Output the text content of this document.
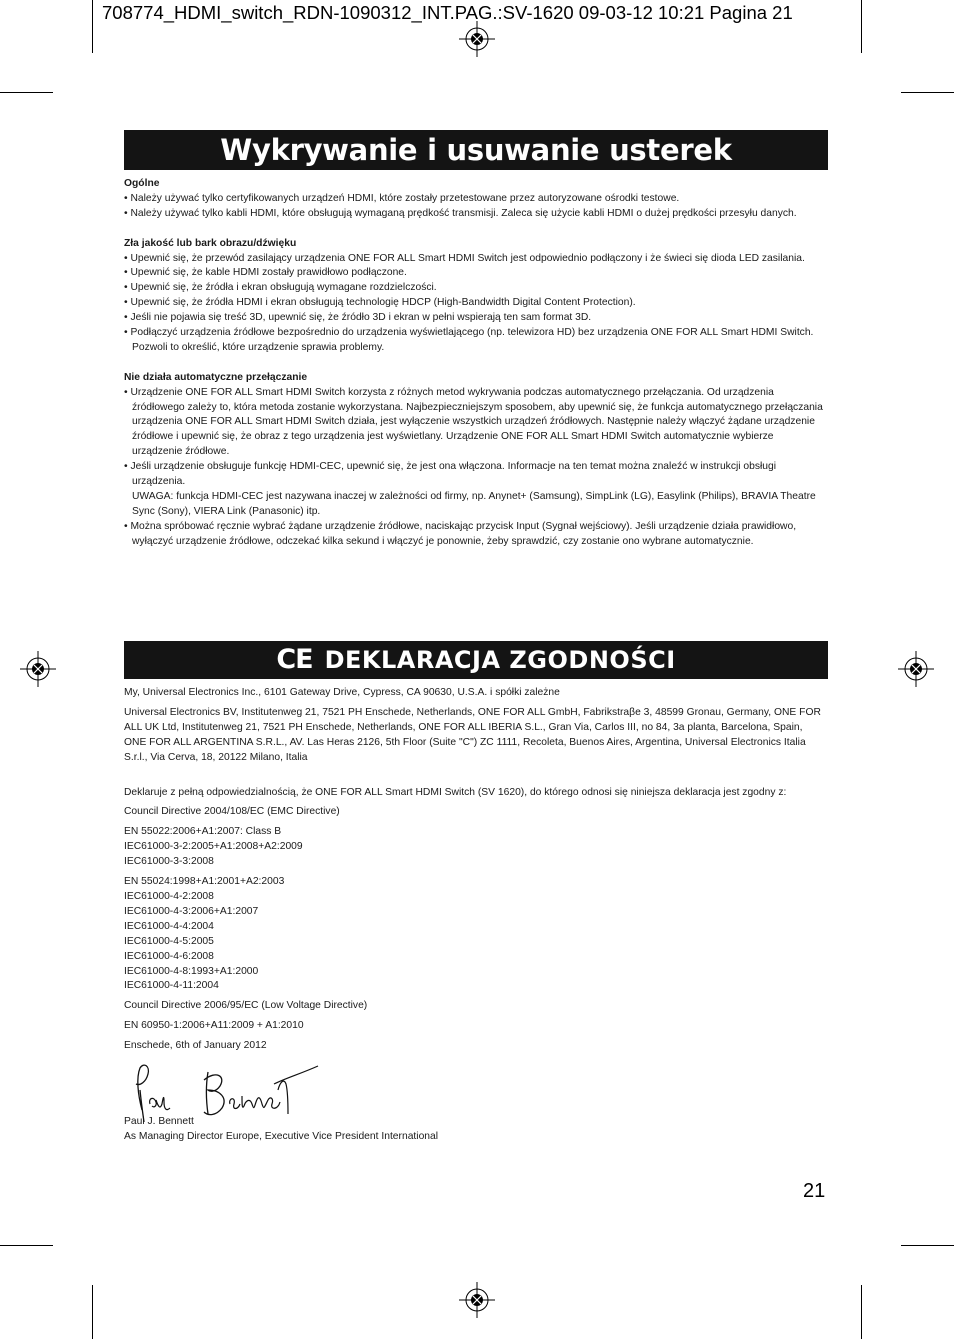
708774_HDMI_switch_RDN-1090312_INT.PAG.:SV-1620 09-03-12 10:21 Pagina 21
Wykrywanie i usuwanie usterek
Ogólne
• Należy używać tylko certyfikowanych urządzeń HDMI, które zostały przetestowane przez autoryzowane ośrodki testowe.
• Należy używać tylko kabli HDMI, które obsługują wymaganą prędkość transmisji. Zaleca się użycie kabli HDMI o dużej prędkości przesyłu danych.
Zła jakość lub bark obrazu/dźwięku
• Upewnić się, że przewód zasilający urządzenia ONE FOR ALL Smart HDMI Switch jest odpowiednio podłączony i że świeci się dioda LED zasilania.
• Upewnić się, że kable HDMI zostały prawidłowo podłączone.
• Upewnić się, że źródła i ekran obsługują wymagane rozdzielczości.
• Upewnić się, że źródła HDMI i ekran obsługują technologię HDCP (High-Bandwidth Digital Content Protection).
• Jeśli nie pojawia się treść 3D, upewnić się, że źródło 3D i ekran w pełni wspierają ten sam format 3D.
• Podłączyć urządzenia źródłowe bezpośrednio do urządzenia wyświetlającego (np. telewizora HD) bez urządzenia ONE FOR ALL Smart HDMI Switch. Pozwoli to określić, które urządzenie sprawia problemy.
Nie działa automatyczne przełączanie
• Urządzenie ONE FOR ALL Smart HDMI Switch korzysta z różnych metod wykrywania podczas automatycznego przełączania. Od urządzenia źródłowego zależy to, która metoda zostanie wykorzystana. Najbezpieczniejszym sposobem, aby upewnić się, że funkcja automatycznego przełączania urządzenia ONE FOR ALL Smart HDMI Switch działa, jest wyłączenie wszystkich urządzeń źródłowych. Następnie należy włączyć żądane urządzenie źródłowe i upewnić się, że obraz z tego urządzenia jest wyświetlany. Urządzenie ONE FOR ALL Smart HDMI Switch automatycznie wybierze urządzenie źródłowe.
• Jeśli urządzenie obsługuje funkcję HDMI-CEC, upewnić się, że jest ona włączona. Informacje na ten temat można znaleźć w instrukcji obsługi urządzenia.
UWAGA: funkcja HDMI-CEC jest nazywana inaczej w zależności od firmy, np. Anynet+ (Samsung), SimpLink (LG), Easylink (Philips), BRAVIA Theatre Sync (Sony), VIERA Link (Panasonic) itp.
• Można spróbować ręcznie wybrać żądane urządzenie źródłowe, naciskając przycisk Input (Sygnał wejściowy). Jeśli urządzenie działa prawidłowo, wyłączyć urządzenie źródłowe, odczekać kilka sekund i włączyć je ponownie, żeby sprawdzić, czy zostanie ono wybrane automatycznie.
CE DEKLARACJA ZGODNOŚCI

My, Universal Electronics Inc., 6101 Gateway Drive, Cypress, CA 90630, U.S.A. i spółki zależne

Universal Electronics BV, Institutenweg 21, 7521 PH Enschede, Netherlands, ONE FOR ALL GmbH, Fabrikstraβe 3, 48599 Gronau, Germany, ONE FOR ALL UK Ltd, Institutenweg 21, 7521 PH Enschede, Netherlands, ONE FOR ALL IBERIA S.L., Gran Via, Carlos III, no 84, 3a planta, Barcelona, Spain, ONE FOR ALL ARGENTINA S.R.L., AV. Las Heras 2126, 5th Floor (Suite "C") ZC 1111, Recoleta, Buenos Aires, Argentina, Universal Electronics Italia S.r.l., Via Cerva, 18, 20122 Milano, Italia

Deklaruje z pełną odpowiedzialnością, że ONE FOR ALL Smart HDMI Switch (SV 1620), do którego odnosi się niniejsza deklaracja jest zgodny z:

Council Directive 2004/108/EC (EMC Directive)

EN 55022:2006+A1:2007: Class B

IEC61000-3-2:2005+A1:2008+A2:2009

IEC61000-3-3:2008

EN 55024:1998+A1:2001+A2:2003

IEC61000-4-2:2008

IEC61000-4-3:2006+A1:2007

IEC61000-4-4:2004

IEC61000-4-5:2005

IEC61000-4-6:2008

IEC61000-4-8:1993+A1:2000

IEC61000-4-11:2004

Council Directive 2006/95/EC (Low Voltage Directive)

EN 60950-1:2006+A11:2009 + A1:2010

Enschede, 6th of January 2012

Paul J. Bennett

As Managing Director Europe, Executive Vice President International

21
